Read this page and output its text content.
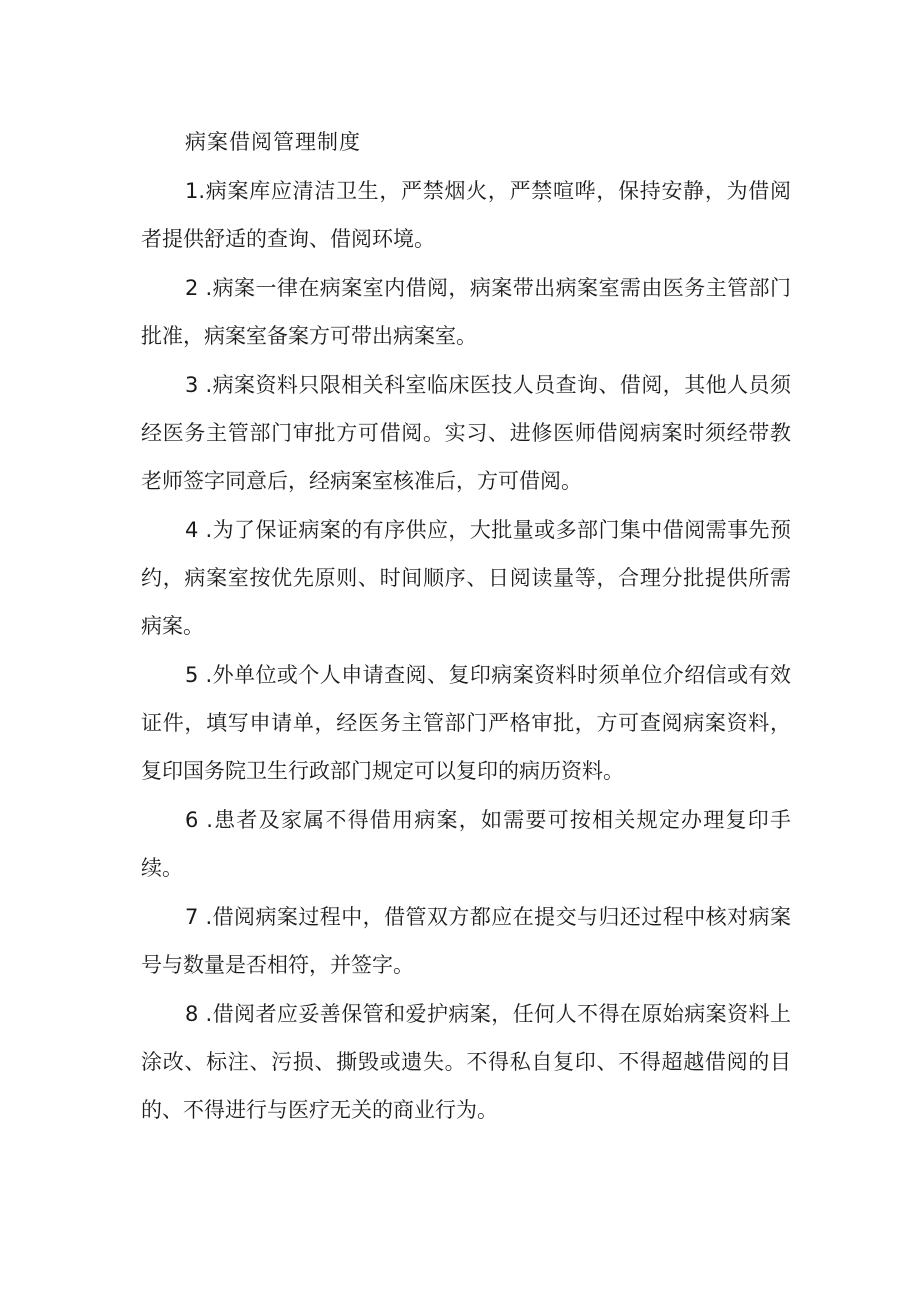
病案借阅管理制度

1.病案库应清洁卫生，严禁烟火，严禁喧哗，保持安静，为借阅者提供舒适的查询、借阅环境。

2 .病案一律在病案室内借阅，病案带出病案室需由医务主管部门批准，病案室备案方可带出病案室。

3 .病案资料只限相关科室临床医技人员查询、借阅，其他人员须经医务主管部门审批方可借阅。实习、进修医师借阅病案时须经带教老师签字同意后，经病案室核准后，方可借阅。

4 .为了保证病案的有序供应，大批量或多部门集中借阅需事先预约，病案室按优先原则、时间顺序、日阅读量等，合理分批提供所需病案。

5 .外单位或个人申请查阅、复印病案资料时须单位介绍信或有效证件，填写申请单，经医务主管部门严格审批，方可查阅病案资料，复印国务院卫生行政部门规定可以复印的病历资料。

6 .患者及家属不得借用病案，如需要可按相关规定办理复印手续。

7 .借阅病案过程中，借管双方都应在提交与归还过程中核对病案号与数量是否相符，并签字。

8 .借阅者应妥善保管和爱护病案，任何人不得在原始病案资料上涂改、标注、污损、撕毁或遗失。不得私自复印、不得超越借阅的目的、不得进行与医疗无关的商业行为。
